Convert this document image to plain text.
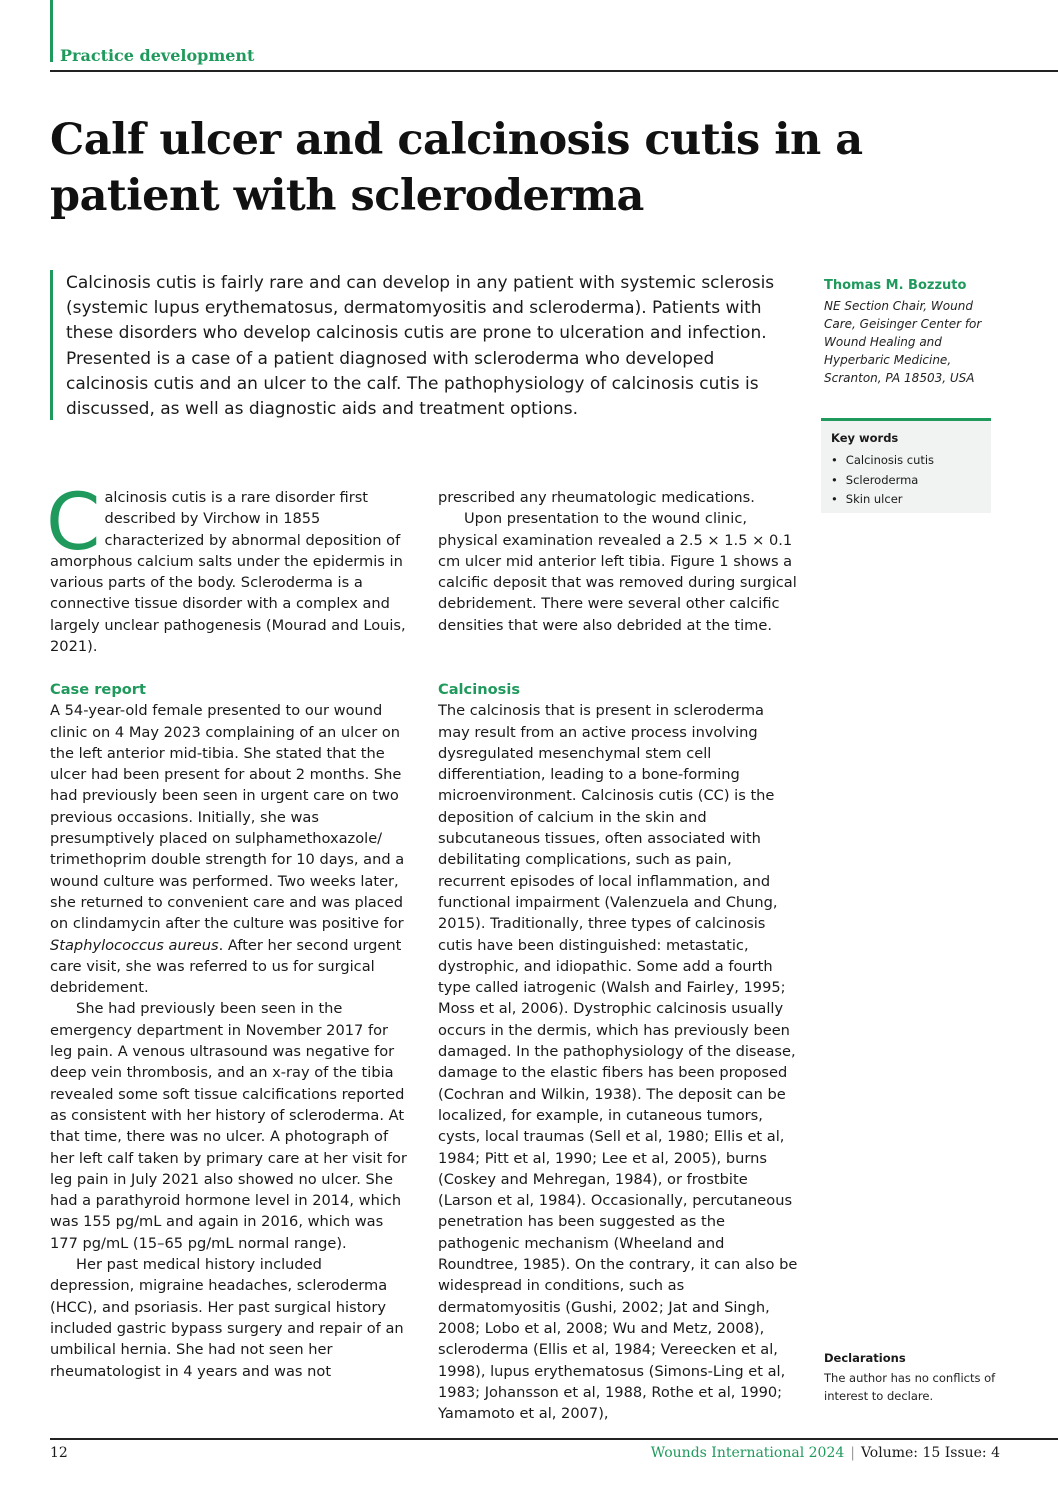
Practice development
Calf ulcer and calcinosis cutis in a patient with scleroderma

Calcinosis cutis is fairly rare and can develop in any patient with systemic sclerosis (systemic lupus erythematosus, dermatomyositis and scleroderma). Patients with these disorders who develop calcinosis cutis are prone to ulceration and infection. Presented is a case of a patient diagnosed with scleroderma who developed calcinosis cutis and an ulcer to the calf. The pathophysiology of calcinosis cutis is discussed, as well as diagnostic aids and treatment options.

Thomas M. Bozzuto
NE Section Chair, Wound Care, Geisinger Center for Wound Healing and Hyperbaric Medicine, Scranton, PA 18503, USA
Key words
• Calcinosis cutis
• Scleroderma
• Skin ulcer

Calcinosis cutis is a rare disorder first described by Virchow in 1855 characterized by abnormal deposition of amorphous calcium salts under the epidermis in various parts of the body. Scleroderma is a connective tissue disorder with a complex and largely unclear pathogenesis (Mourad and Louis, 2021).

Case report

A 54-year-old female presented to our wound clinic on 4 May 2023 complaining of an ulcer on the left anterior mid-tibia. She stated that the ulcer had been present for about 2 months. She had previously been seen in urgent care on two previous occasions. Initially, she was presumptively placed on sulphamethoxazole/ trimethoprim double strength for 10 days, and a wound culture was performed. Two weeks later, she returned to convenient care and was placed on clindamycin after the culture was positive for Staphylococcus aureus. After her second urgent care visit, she was referred to us for surgical debridement.

She had previously been seen in the emergency department in November 2017 for leg pain. A venous ultrasound was negative for deep vein thrombosis, and an x-ray of the tibia revealed some soft tissue calcifications reported as consistent with her history of scleroderma. At that time, there was no ulcer. A photograph of her left calf taken by primary care at her visit for leg pain in July 2021 also showed no ulcer. She had a parathyroid hormone level in 2014, which was 155 pg/mL and again in 2016, which was 177 pg/mL (15–65 pg/mL normal range).

Her past medical history included depression, migraine headaches, scleroderma (HCC), and psoriasis. Her past surgical history included gastric bypass surgery and repair of an umbilical hernia. She had not seen her rheumatologist in 4 years and was not

prescribed any rheumatologic medications.

Upon presentation to the wound clinic, physical examination revealed a 2.5 × 1.5 × 0.1 cm ulcer mid anterior left tibia. Figure 1 shows a calcific deposit that was removed during surgical debridement. There were several other calcific densities that were also debrided at the time.

Calcinosis

The calcinosis that is present in scleroderma may result from an active process involving dysregulated mesenchymal stem cell differentiation, leading to a bone-forming microenvironment. Calcinosis cutis (CC) is the deposition of calcium in the skin and subcutaneous tissues, often associated with debilitating complications, such as pain, recurrent episodes of local inflammation, and functional impairment (Valenzuela and Chung, 2015). Traditionally, three types of calcinosis cutis have been distinguished: metastatic, dystrophic, and idiopathic. Some add a fourth type called iatrogenic (Walsh and Fairley, 1995; Moss et al, 2006). Dystrophic calcinosis usually occurs in the dermis, which has previously been damaged. In the pathophysiology of the disease, damage to the elastic fibers has been proposed (Cochran and Wilkin, 1938). The deposit can be localized, for example, in cutaneous tumors, cysts, local traumas (Sell et al, 1980; Ellis et al, 1984; Pitt et al, 1990; Lee et al, 2005), burns (Coskey and Mehregan, 1984), or frostbite (Larson et al, 1984). Occasionally, percutaneous penetration has been suggested as the pathogenic mechanism (Wheeland and Roundtree, 1985). On the contrary, it can also be widespread in conditions, such as dermatomyositis (Gushi, 2002; Jat and Singh, 2008; Lobo et al, 2008; Wu and Metz, 2008), scleroderma (Ellis et al, 1984; Vereecken et al, 1998), lupus erythematosus (Simons-Ling et al, 1983; Johansson et al, 1988, Rothe et al, 1990; Yamamoto et al, 2007),

Declarations
The author has no conflicts of interest to declare.
12	Wounds International 2024 | Volume: 15 Issue: 4
